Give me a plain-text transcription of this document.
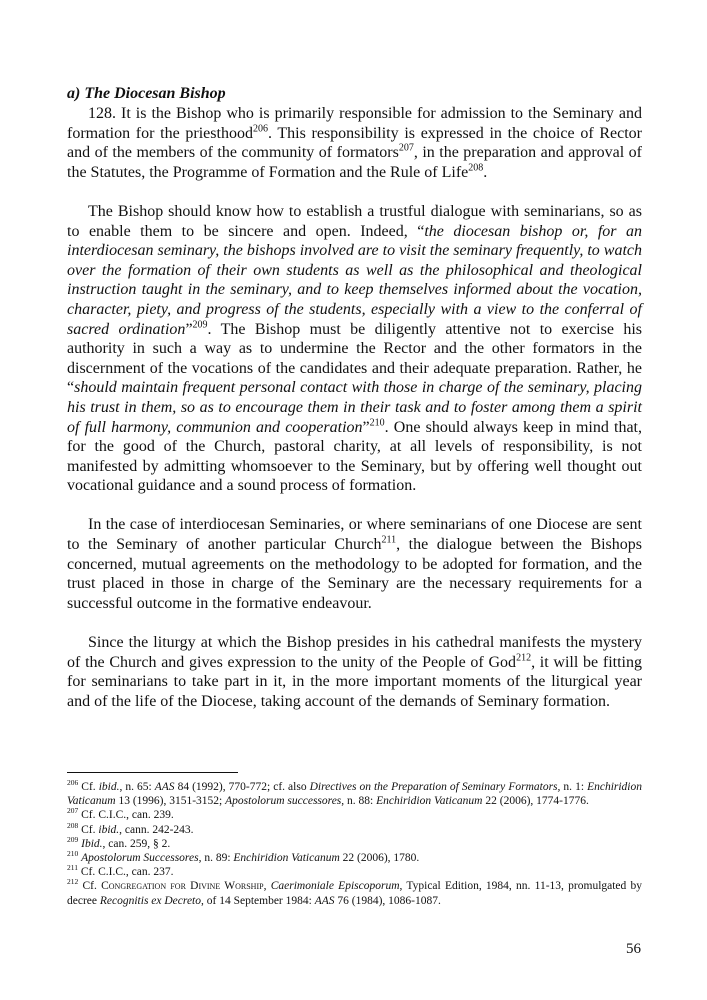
a) The Diocesan Bishop

128. It is the Bishop who is primarily responsible for admission to the Seminary and formation for the priesthood$^{206}$. This responsibility is expressed in the choice of Rector and of the members of the community of formators$^{207}$, in the preparation and approval of the Statutes, the Programme of Formation and the Rule of Life$^{208}$.

The Bishop should know how to establish a trustful dialogue with seminarians, so as to enable them to be sincere and open. Indeed, “the diocesan bishop or, for an interdiocesan seminary, the bishops involved are to visit the seminary frequently, to watch over the formation of their own students as well as the philosophical and theological instruction taught in the seminary, and to keep themselves informed about the vocation, character, piety, and progress of the students, especially with a view to the conferral of sacred ordination”$^{209}$. The Bishop must be diligently attentive not to exercise his authority in such a way as to undermine the Rector and the other formators in the discernment of the vocations of the candidates and their adequate preparation. Rather, he “should maintain frequent personal contact with those in charge of the seminary, placing his trust in them, so as to encourage them in their task and to foster among them a spirit of full harmony, communion and cooperation”$^{210}$. One should always keep in mind that, for the good of the Church, pastoral charity, at all levels of responsibility, is not manifested by admitting whomsoever to the Seminary, but by offering well thought out vocational guidance and a sound process of formation.

In the case of interdiocesan Seminaries, or where seminarians of one Diocese are sent to the Seminary of another particular Church$^{211}$, the dialogue between the Bishops concerned, mutual agreements on the methodology to be adopted for formation, and the trust placed in those in charge of the Seminary are the necessary requirements for a successful outcome in the formative endeavour.

Since the liturgy at which the Bishop presides in his cathedral manifests the mystery of the Church and gives expression to the unity of the People of God$^{212}$, it will be fitting for seminarians to take part in it, in the more important moments of the liturgical year and of the life of the Diocese, taking account of the demands of Seminary formation.

$^{206}$ Cf. ibid., n. 65: AAS 84 (1992), 770-772; cf. also Directives on the Preparation of Seminary Formators, n. 1: Enchiridion Vaticanum 13 (1996), 3151-3152; Apostolorum successores, n. 88: Enchiridion Vaticanum 22 (2006), 1774-1776.

$^{207}$ Cf. C.I.C., can. 239.

$^{208}$ Cf. ibid., cann. 242-243.

$^{209}$ Ibid., can. 259, § 2.

$^{210}$ Apostolorum Successores, n. 89: Enchiridion Vaticanum 22 (2006), 1780.

$^{211}$ Cf. C.I.C., can. 237.

$^{212}$ Cf. Congregation for Divine Worship, Caerimoniale Episcoporum, Typical Edition, 1984, nn. 11-13, promulgated by decree Recognitis ex Decreto, of 14 September 1984: AAS 76 (1984), 1086-1087.

56
